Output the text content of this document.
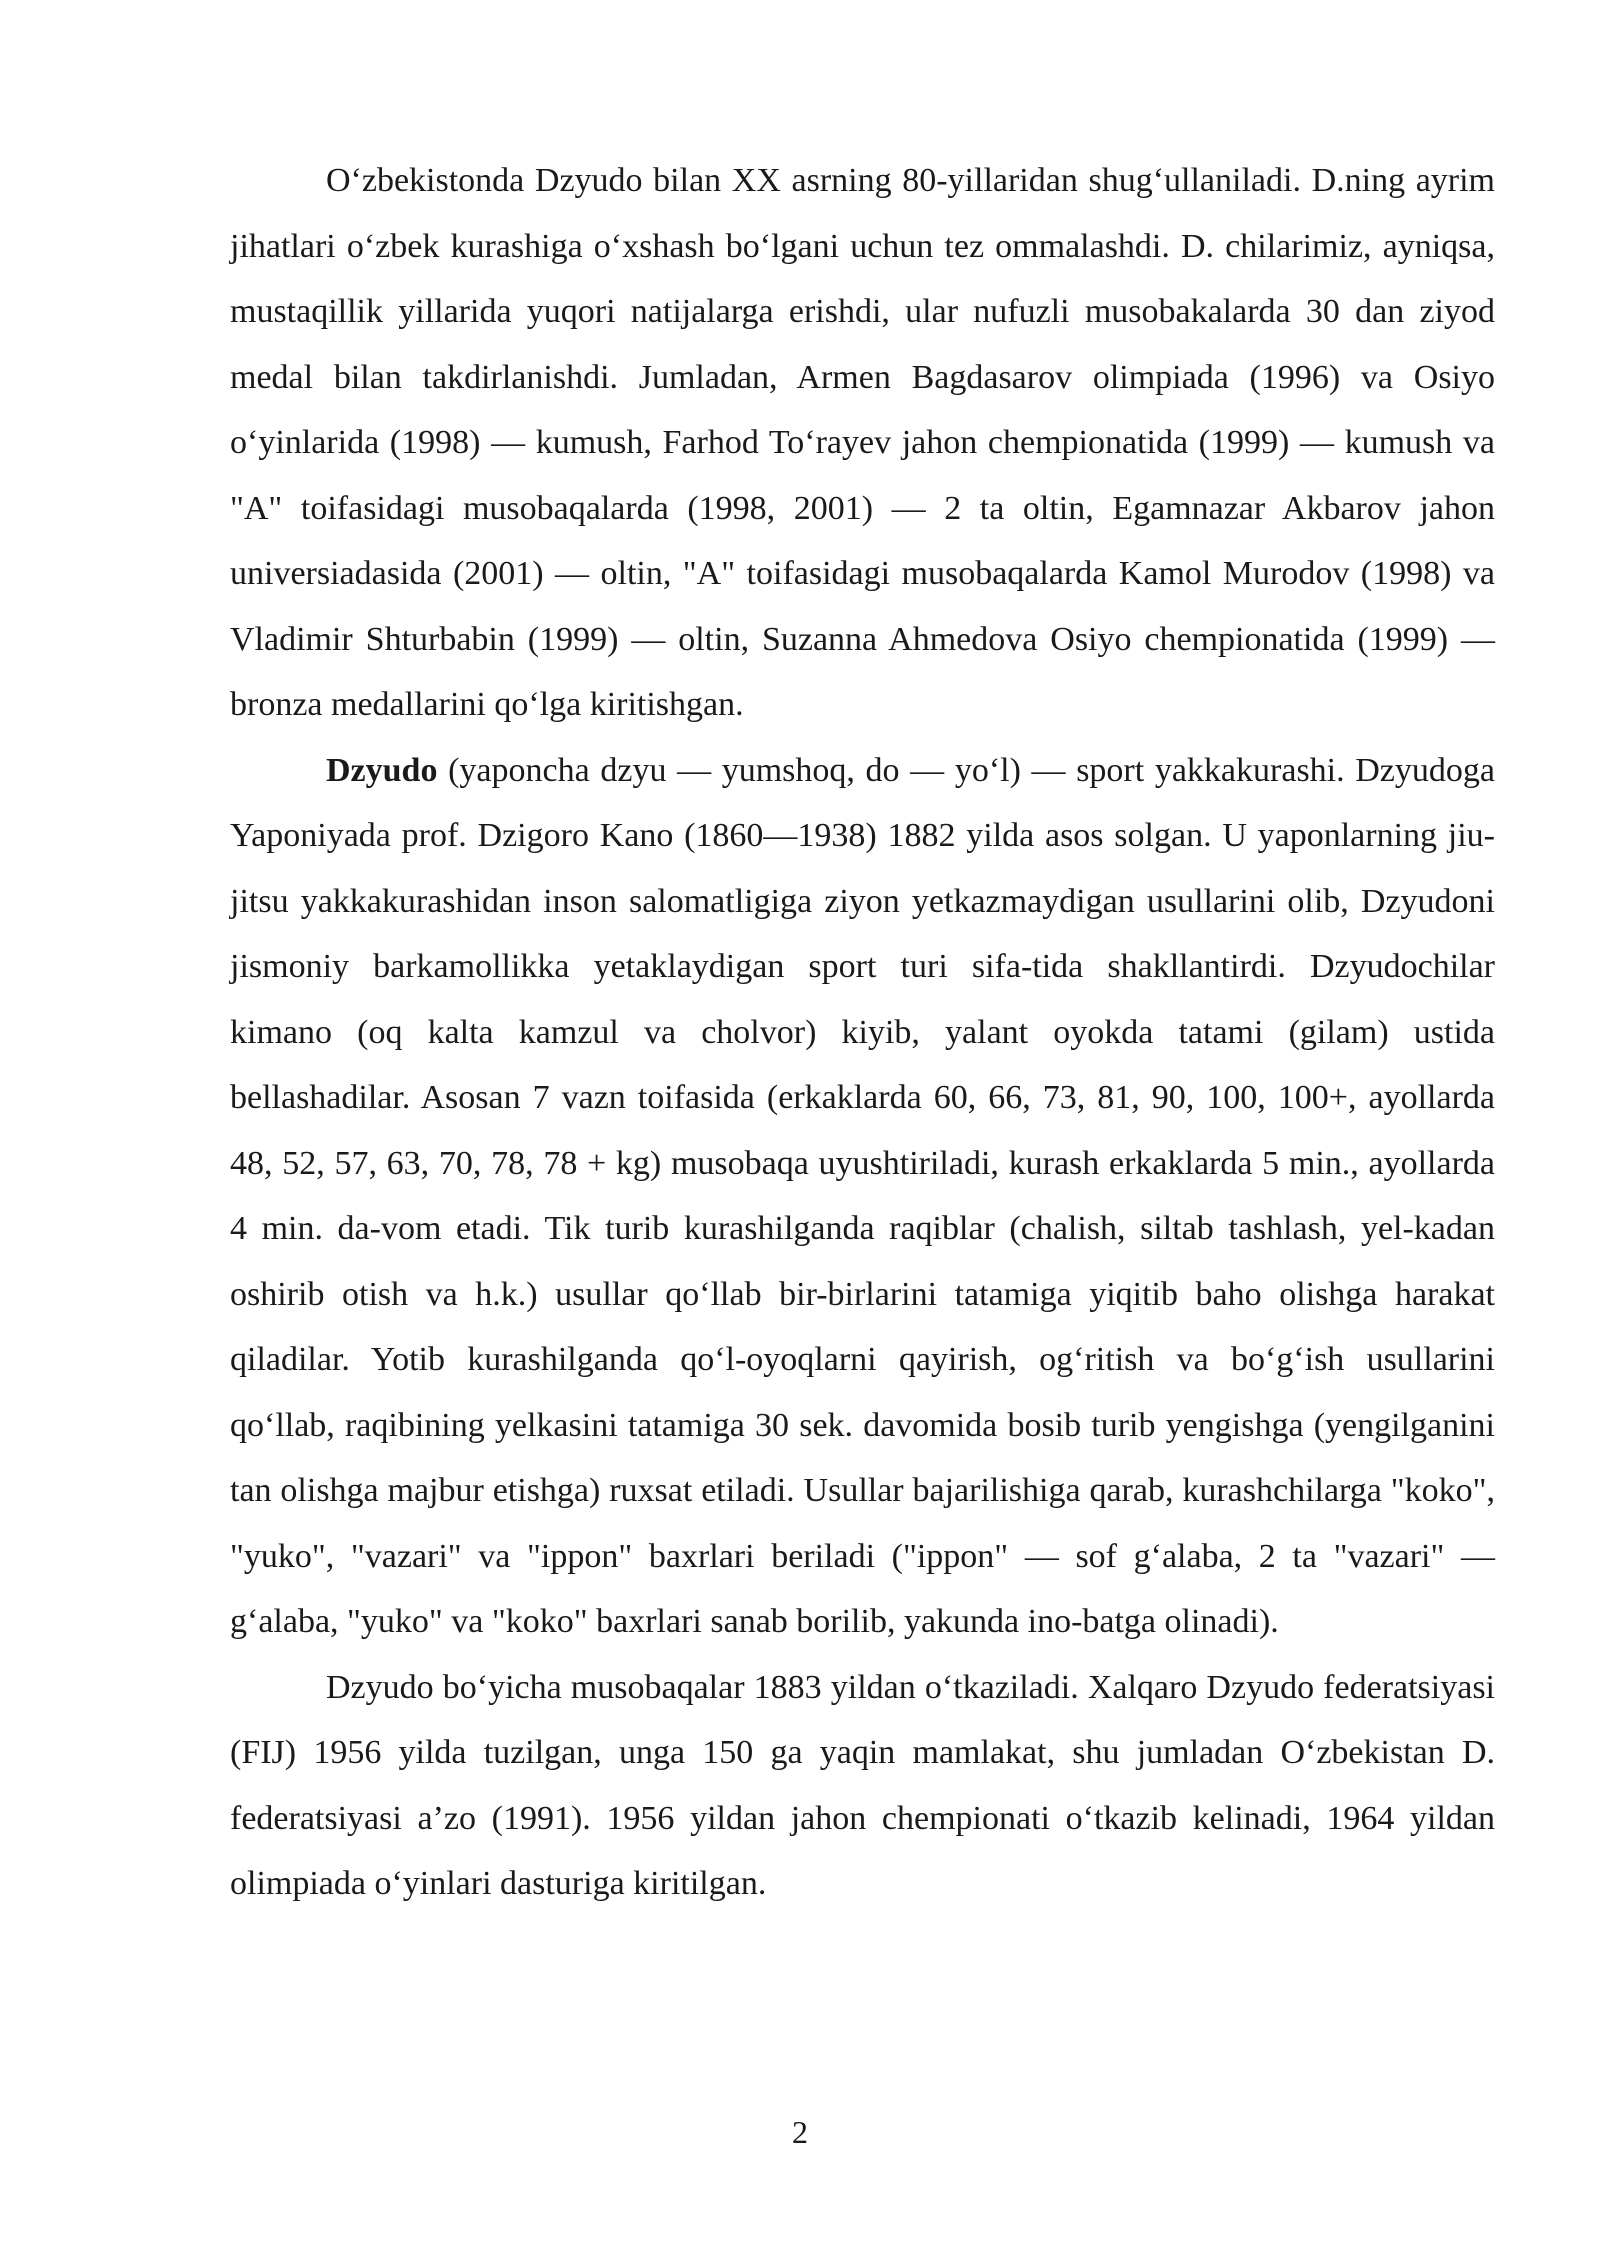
O‘zbekistonda Dzyudo bilan XX asrning 80-yillaridan shug‘ullaniladi. D.ning ayrim jihatlari o‘zbek kurashiga o‘xshash bo‘lgani uchun tez ommalashdi. D. chilarimiz, ayniqsa, mustaqillik yillarida yuqori natijalarga erishdi, ular nufuzli musobakalarda 30 dan ziyod medal bilan takdirlanishdi. Jumladan, Armen Bagdasarov olimpiada (1996) va Osiyo o‘yinlarida (1998) — kumush, Farhod To‘rayev jahon chempionatida (1999) — kumush va "A" toifasidagi musobaqalarda (1998, 2001) — 2 ta oltin, Egamnazar Akbarov jahon universiadasida (2001) — oltin, "A" toifasidagi musobaqalarda Kamol Murodov (1998) va Vladimir Shturbabin (1999) — oltin, Suzanna Ahmedova Osiyo chempionatida (1999) — bronza medallarini qo‘lga kiritishgan.

Dzyudo (yaponcha dzyu — yumshoq, do — yo‘l) — sport yakkakurashi. Dzyudoga Yaponiyada prof. Dzigoro Kano (1860—1938) 1882 yilda asos solgan. U yaponlarning jiu-jitsu yakkakurashidan inson salomatligiga ziyon yetkazmaydigan usullarini olib, Dzyudoni jismoniy barkamollikka yetaklaydigan sport turi sifa-tida shakllantirdi. Dzyudochilar kimano (oq kalta kamzul va cholvor) kiyib, yalant oyokda tatami (gilam) ustida bellashadilar. Asosan 7 vazn toifasida (erkaklarda 60, 66, 73, 81, 90, 100, 100+, ayollarda 48, 52, 57, 63, 70, 78, 78 + kg) musobaqa uyushtiriladi, kurash erkaklarda 5 min., ayollarda 4 min. da-vom etadi. Tik turib kurashilganda raqiblar (chalish, siltab tashlash, yel-kadan oshirib otish va h.k.) usullar qo‘llab bir-birlarini tatamiga yiqitib baho olishga harakat qiladilar. Yotib kurashilganda qo‘l-oyoqlarni qayirish, og‘ritish va bo‘g‘ish usullarini qo‘llab, raqibining yelkasini tatamiga 30 sek. davomida bosib turib yengishga (yengilganini tan olishga majbur etishga) ruxsat etiladi. Usullar bajarilishiga qarab, kurashchilarga "koko", "yuko", "vazari" va "ippon" baxrlari beriladi ("ippon" — sof g‘alaba, 2 ta "vazari" — g‘alaba, "yuko" va "koko" baxrlari sanab borilib, yakunda ino-batga olinadi).

Dzyudo bo‘yicha musobaqalar 1883 yildan o‘tkaziladi. Xalqaro Dzyudo federatsiyasi (FIJ) 1956 yilda tuzilgan, unga 150 ga yaqin mamlakat, shu jumladan O‘zbekistan D. federatsiyasi a’zo (1991). 1956 yildan jahon chempionati o‘tkazib kelinadi, 1964 yildan olimpiada o‘yinlari dasturiga kiritilgan.

2
